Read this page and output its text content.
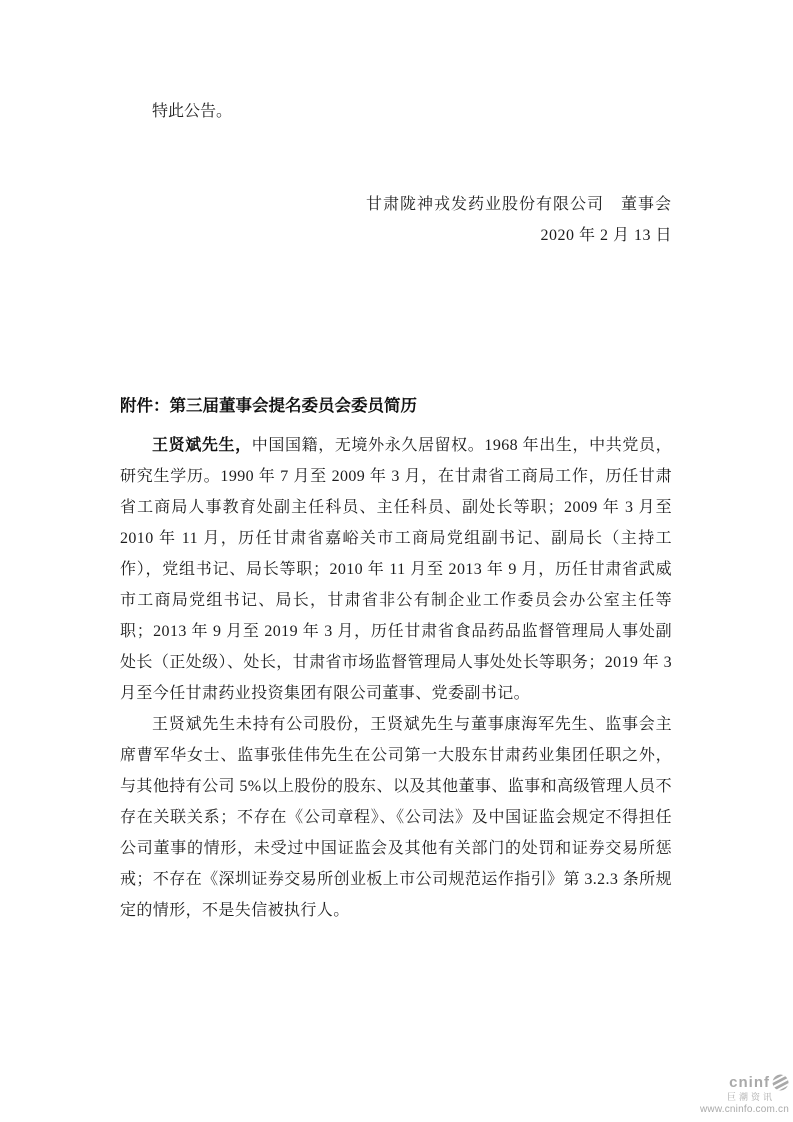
特此公告。

甘肃陇神戎发药业股份有限公司　董事会

2020 年 2 月 13 日

附件：第三届董事会提名委员会委员简历

王贤斌先生，中国国籍，无境外永久居留权。1968 年出生，中共党员，研究生学历。1990 年 7 月至 2009 年 3 月，在甘肃省工商局工作，历任甘肃省工商局人事教育处副主任科员、主任科员、副处长等职；2009 年 3 月至 2010 年 11 月，历任甘肃省嘉峪关市工商局党组副书记、副局长（主持工作），党组书记、局长等职；2010 年 11 月至 2013 年 9 月，历任甘肃省武威市工商局党组书记、局长，甘肃省非公有制企业工作委员会办公室主任等职；2013 年 9 月至 2019 年 3 月，历任甘肃省食品药品监督管理局人事处副处长（正处级）、处长，甘肃省市场监督管理局人事处处长等职务；2019 年 3 月至今任甘肃药业投资集团有限公司董事、党委副书记。

王贤斌先生未持有公司股份，王贤斌先生与董事康海军先生、监事会主席曹军华女士、监事张佳伟先生在公司第一大股东甘肃药业集团任职之外，与其他持有公司 5%以上股份的股东、以及其他董事、监事和高级管理人员不存在关联关系；不存在《公司章程》、《公司法》及中国证监会规定不得担任公司董事的情形，未受过中国证监会及其他有关部门的处罚和证券交易所惩戒；不存在《深圳证券交易所创业板上市公司规范运作指引》第 3.2.3 条所规定的情形，不是失信被执行人。

cninf
巨潮资讯
www.cninfo.com.cn
